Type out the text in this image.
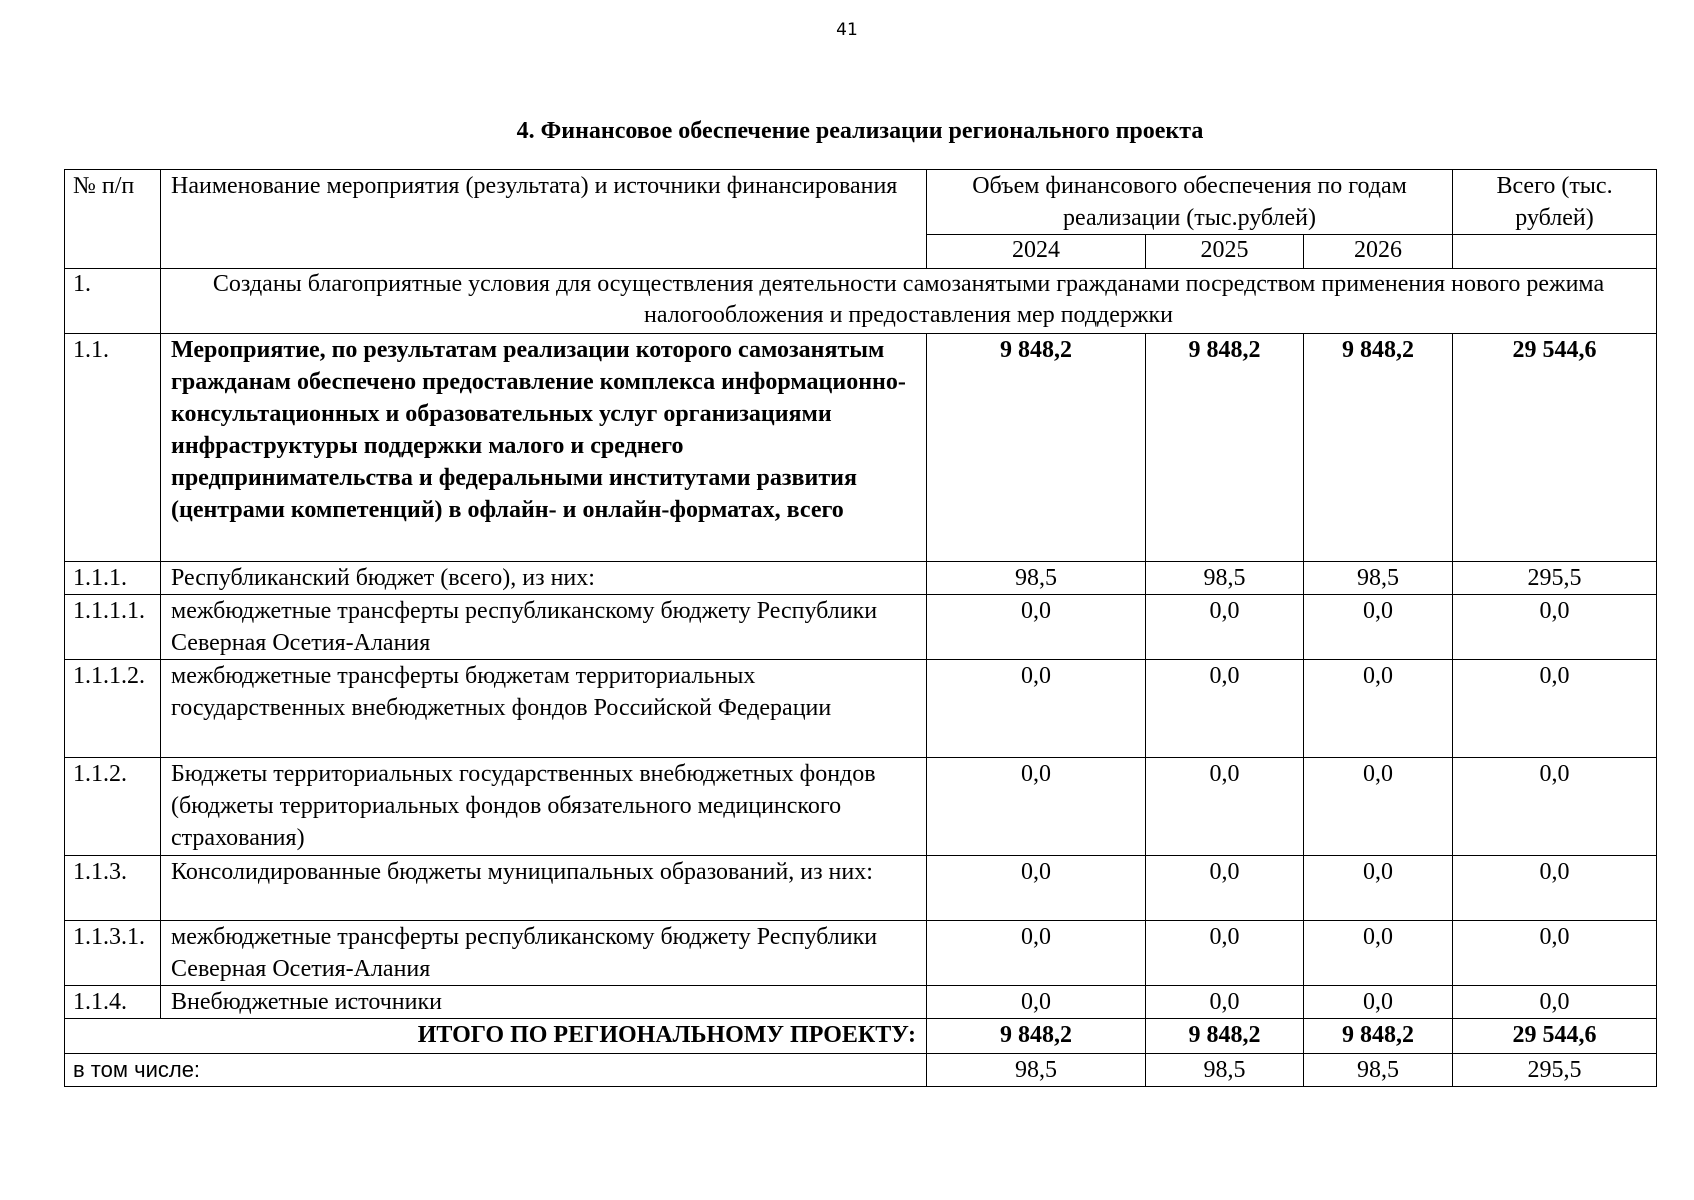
41
4. Финансовое обеспечение реализации регионального проекта
№ п/п	Наименование мероприятия (результата) и источники финансирования	Объем финансового обеспечения по годам реализации (тыс.рублей)			Всего (тыс. рублей)
		2024	2025	2026	
1.	Созданы благоприятные условия для осуществления деятельности самозанятыми гражданами посредством применения нового режима налогообложения и предоставления мер поддержки				
1.1.	Мероприятие, по результатам реализации которого самозанятым гражданам обеспечено предоставление комплекса информационно-консультационных и образовательных услуг организациями инфраструктуры поддержки малого и среднего предпринимательства и федеральными институтами развития (центрами компетенций) в офлайн- и онлайн-форматах, всего	9 848,2	9 848,2	9 848,2	29 544,6
1.1.1.	Республиканский бюджет (всего), из них:	98,5	98,5	98,5	295,5
1.1.1.1.	межбюджетные трансферты республиканскому бюджету Республики Северная Осетия-Алания	0,0	0,0	0,0	0,0
1.1.1.2.	межбюджетные трансферты бюджетам территориальных государственных внебюджетных фондов Российской Федерации	0,0	0,0	0,0	0,0
1.1.2.	Бюджеты территориальных государственных внебюджетных фондов (бюджеты территориальных фондов обязательного медицинского страхования)	0,0	0,0	0,0	0,0
1.1.3.	Консолидированные бюджеты муниципальных образований, из них:	0,0	0,0	0,0	0,0
1.1.3.1.	межбюджетные трансферты республиканскому бюджету Республики Северная Осетия-Алания	0,0	0,0	0,0	0,0
1.1.4.	Внебюджетные источники	0,0	0,0	0,0	0,0
ИТОГО ПО РЕГИОНАЛЬНОМУ ПРОЕКТУ:		9 848,2	9 848,2	9 848,2	29 544,6
в том числе:		98,5	98,5	98,5	295,5
